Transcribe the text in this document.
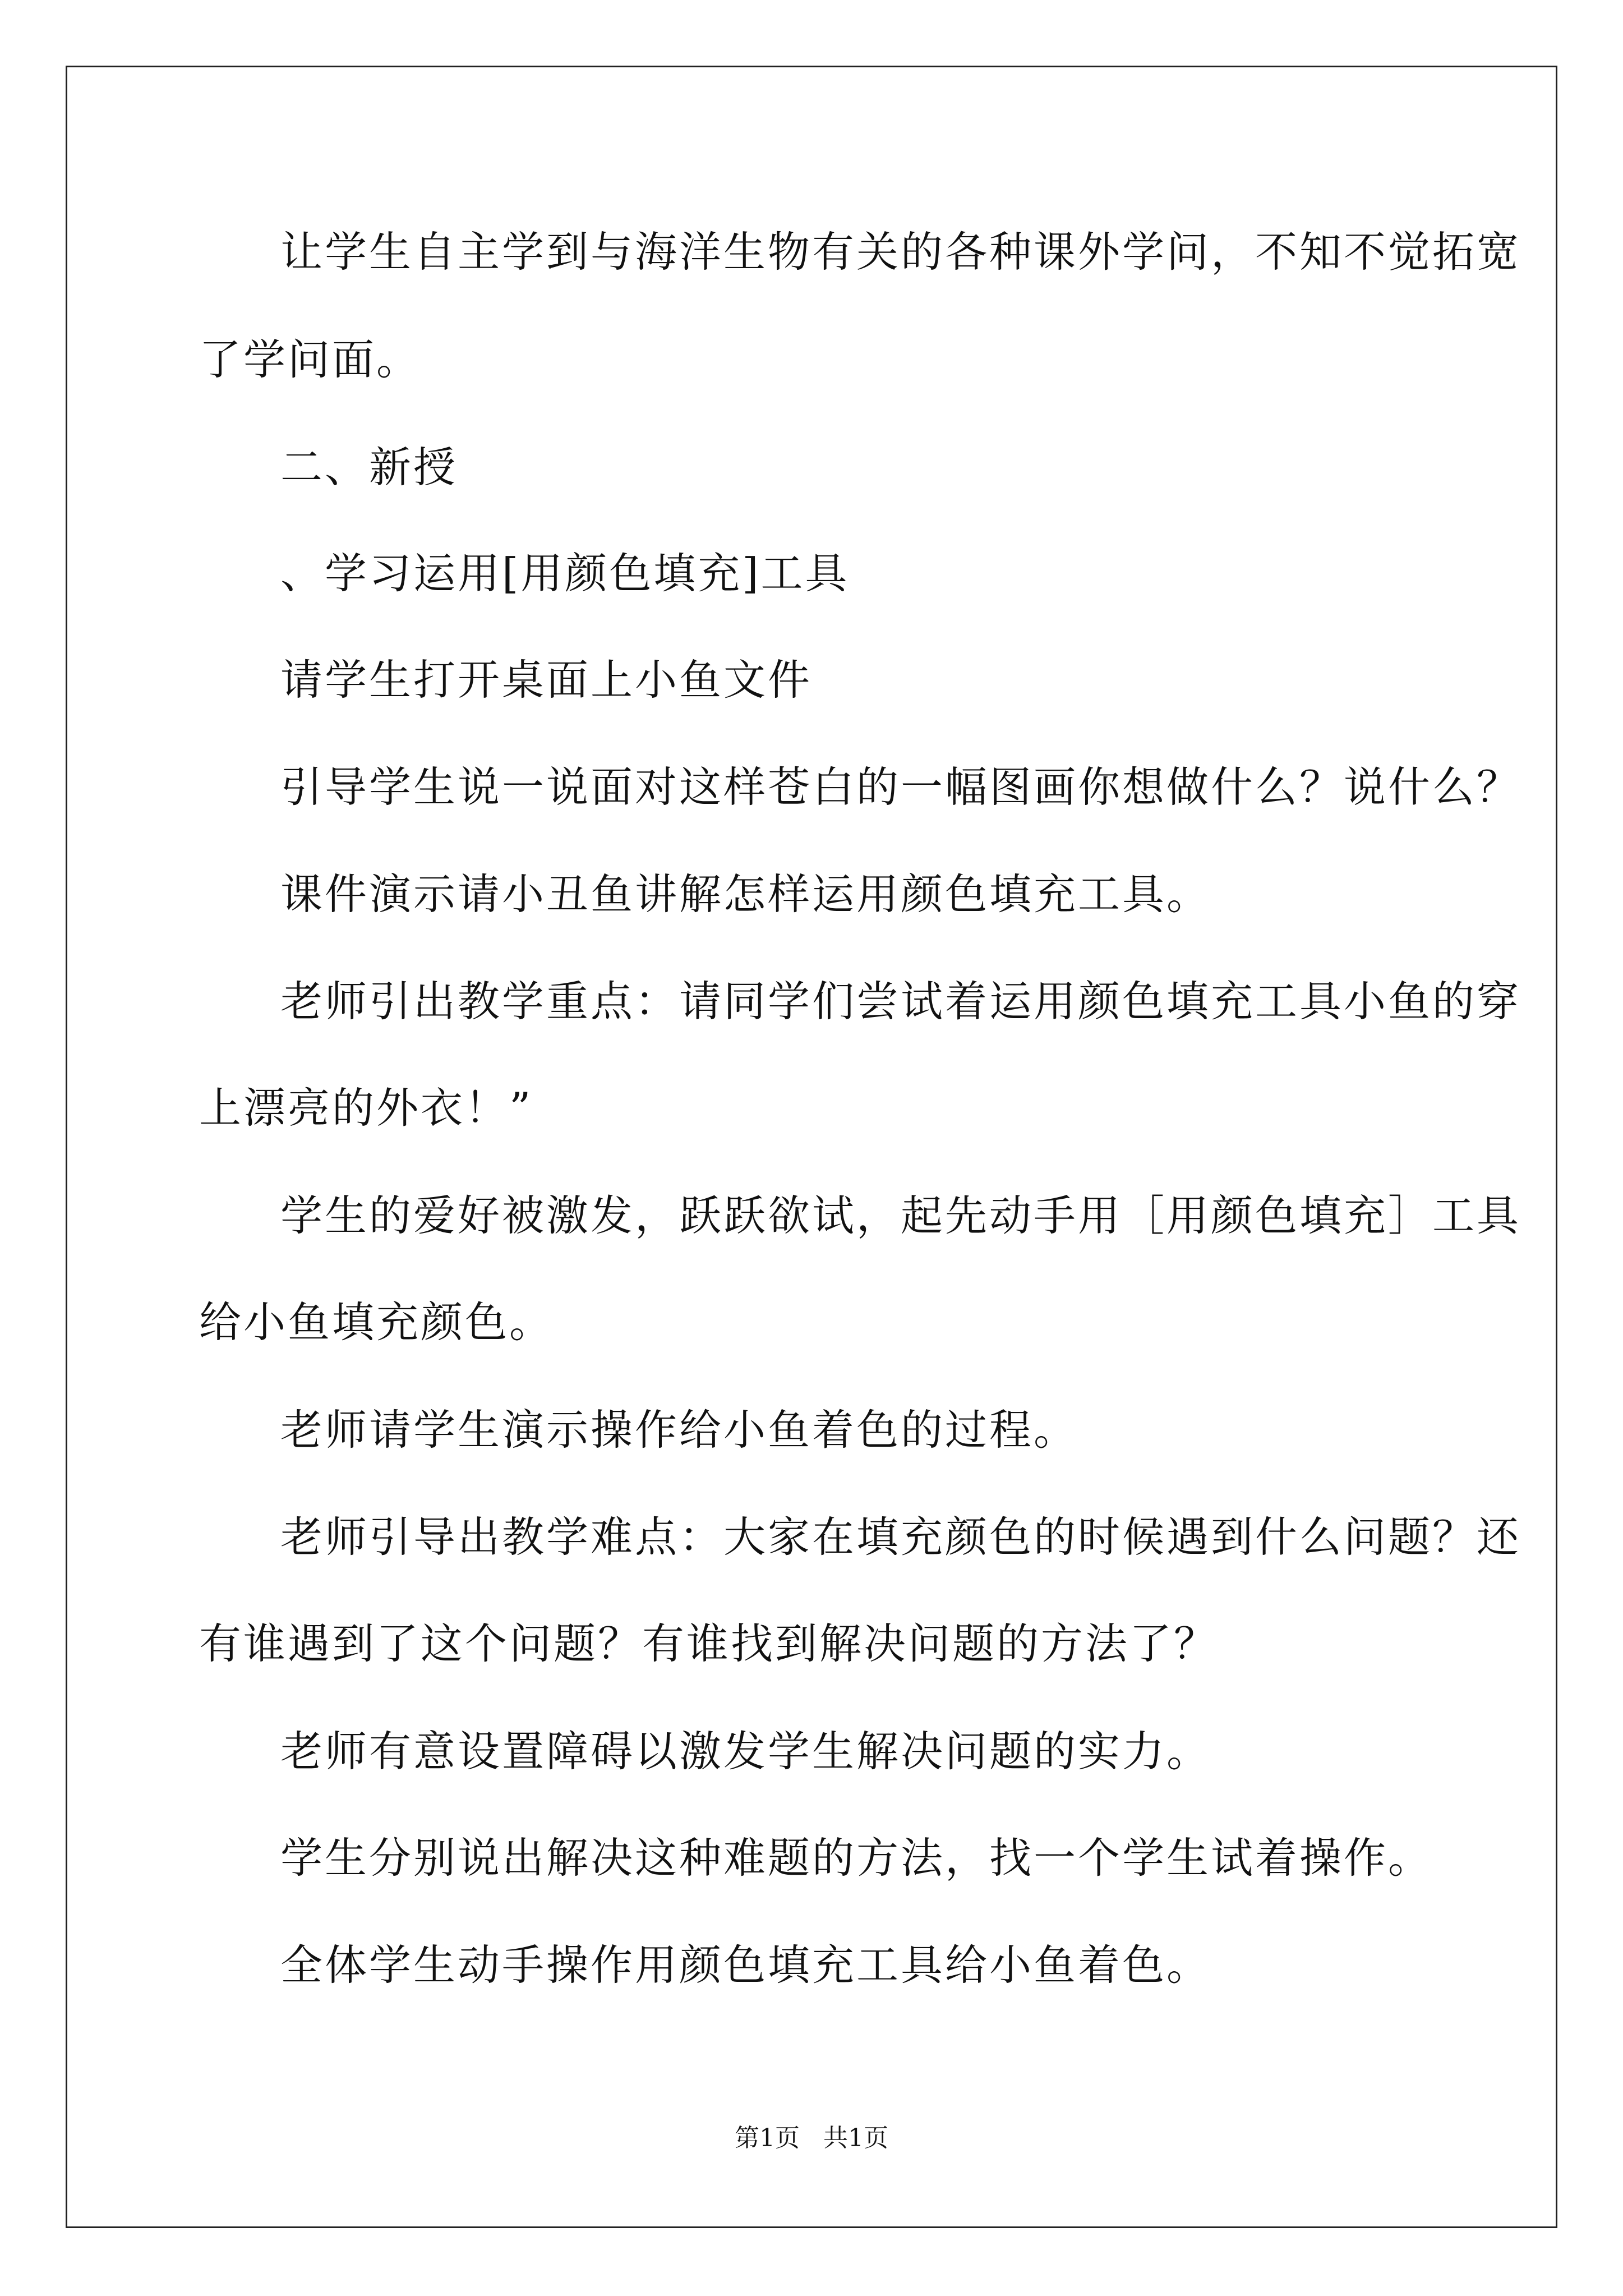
让学生自主学到与海洋生物有关的各种课外学问，不知不觉拓宽

了学问面。

二、新授

、学习运用[用颜色填充]工具

请学生打开桌面上小鱼文件

引导学生说一说面对这样苍白的一幅图画你想做什么？说什么？

课件演示请小丑鱼讲解怎样运用颜色填充工具。

老师引出教学重点：请同学们尝试着运用颜色填充工具小鱼的穿

上漂亮的外衣！”

学生的爱好被激发，跃跃欲试，起先动手用［用颜色填充］工具

给小鱼填充颜色。

老师请学生演示操作给小鱼着色的过程。

老师引导出教学难点：大家在填充颜色的时候遇到什么问题？还

有谁遇到了这个问题？有谁找到解决问题的方法了？

老师有意设置障碍以激发学生解决问题的实力。

学生分别说出解决这种难题的方法，找一个学生试着操作。

全体学生动手操作用颜色填充工具给小鱼着色。

第1页   共1页
